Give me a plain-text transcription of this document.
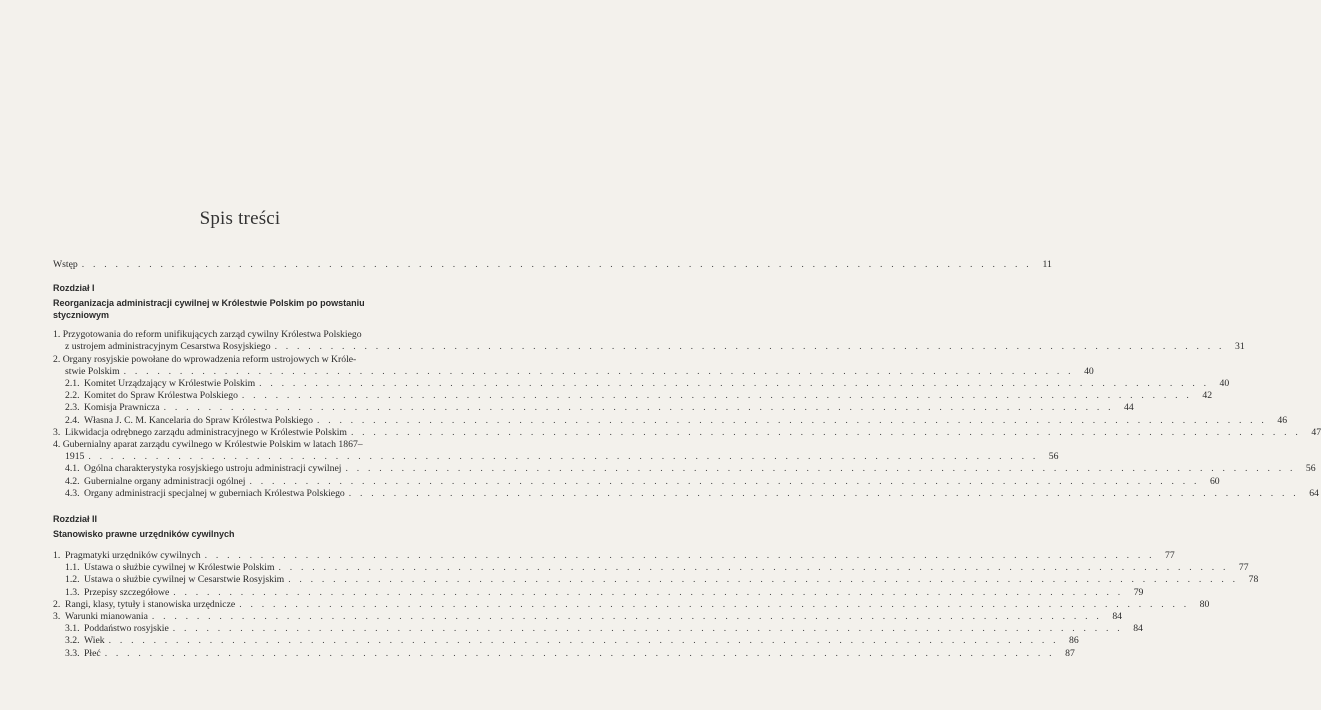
Spis treści
Wstęp . . .	11
Rozdział I
Reorganizacja administracji cywilnej w Królestwie Polskim po powstaniu
styczniowym
1. Przygotowania do reform unifikujących zarząd cywilny Królestwa Polskiego
z ustrojem administracyjnym Cesarstwa Rosyjskiego . . .	31
2. Organy rosyjskie powołane do wprowadzenia reform ustrojowych w Króle-
stwie Polskim . . .	40
2.1. Komitet Urządzający w Królestwie Polskim . . .	40
2.2. Komitet do Spraw Królestwa Polskiego . . .	42
2.3. Komisja Prawnicza . . .	44
2.4. Własna J. C. M. Kancelaria do Spraw Królestwa Polskiego . . .	46
3. Likwidacja odrębnego zarządu administracyjnego w Królestwie Polskim . . .	47
4. Gubernialny aparat zarządu cywilnego w Królestwie Polskim w latach 1867–
1915 . . .	56
4.1. Ogólna charakterystyka rosyjskiego ustroju administracji cywilnej . . .	56
4.2. Gubernialne organy administracji ogólnej . . .	60
4.3. Organy administracji specjalnej w guberniach Królestwa Polskiego . . .	64
Rozdział II
Stanowisko prawne urzędników cywilnych
1. Pragmatyki urzędników cywilnych . . .	77
1.1. Ustawa o służbie cywilnej w Królestwie Polskim . . .	77
1.2. Ustawa o służbie cywilnej w Cesarstwie Rosyjskim . . .	78
1.3. Przepisy szczegółowe . . .	79
2. Rangi, klasy, tytuły i stanowiska urzędnicze . . .	80
3. Warunki mianowania . . .	84
3.1. Poddaństwo rosyjskie . . .	84
3.2. Wiek . . .	86
3.3. Płeć . . .	87
